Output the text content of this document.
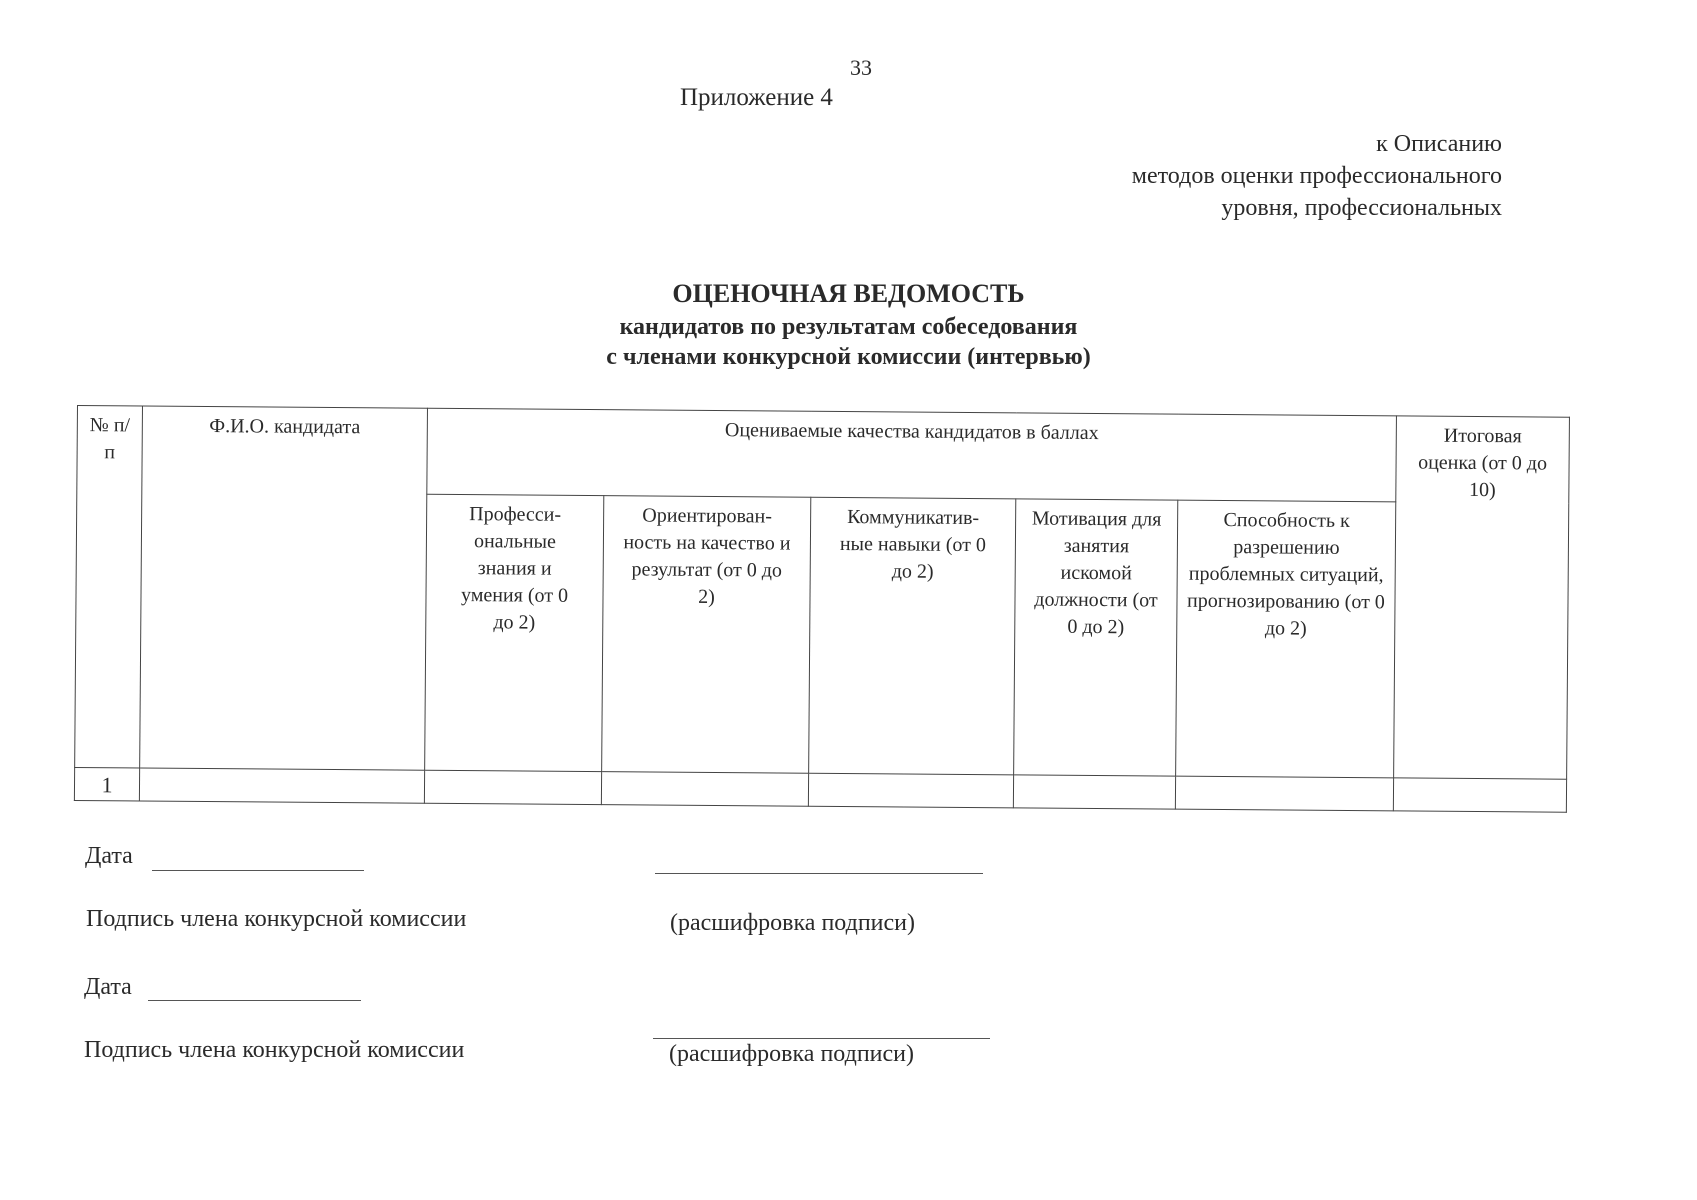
33
Приложение 4
к Описанию
методов оценки профессионального
уровня, профессиональных
ОЦЕНОЧНАЯ ВЕДОМОСТЬ
кандидатов по результатам собеседования
с членами конкурсной комиссии (интервью)
№ п/п	Ф.И.О. кандидата	Оцениваемые качества кандидатов в баллах					Итоговая оценка (от 0 до 10)

		Професси-ональные знания и умения (от 0 до 2)	Ориентирован-ность на качество и результат (от 0 до 2)	Коммуникатив-ные навыки (от 0 до 2)	Мотивация для занятия искомой должности (от 0 до 2)	Способность к разрешению проблемных ситуаций, прогнозированию (от 0 до 2)	

1							
Дата
Подпись члена конкурсной комиссии	(расшифровка подписи)
Дата
Подпись члена конкурсной комиссии	(расшифровка подписи)
